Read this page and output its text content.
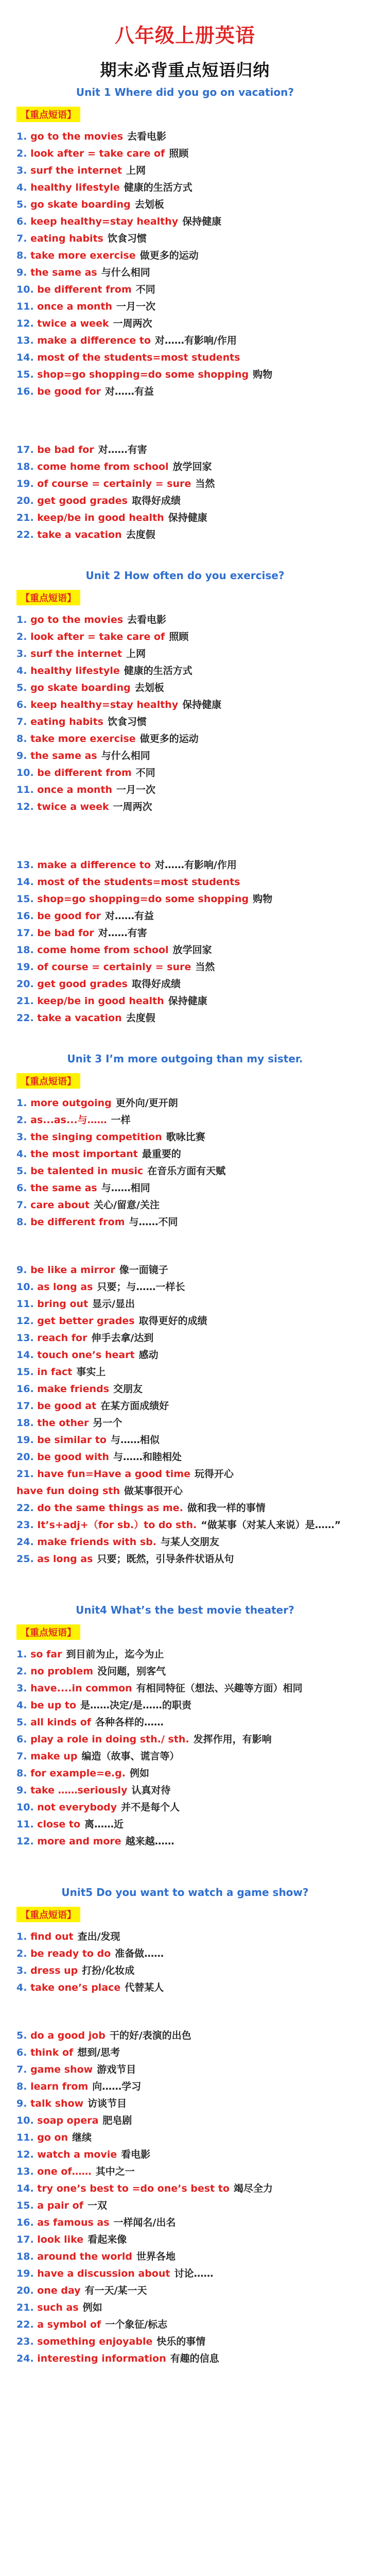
八年级上册英语
期末必背重点短语归纳
Unit 1 Where did you go on vacation?
【重点短语】
1. go to the movies 去看电影
2. look after = take care of 照顾
3. surf the internet 上网
4. healthy lifestyle 健康的生活方式
5. go skate boarding 去划板
6. keep healthy=stay healthy 保持健康
7. eating habits 饮食习惯
8. take more exercise 做更多的运动
9. the same as 与什么相同
10. be different from 不同
11. once a month 一月一次
12. twice a week 一周两次
13. make a difference to 对……有影响/作用
14. most of the students=most students
15. shop=go shopping=do some shopping 购物
16. be good for 对……有益
17. be bad for 对……有害
18. come home from school 放学回家
19. of course = certainly = sure 当然
20. get good grades 取得好成绩
21. keep/be in good health 保持健康
22. take a vacation 去度假
Unit 2 How often do you exercise?
【重点短语】
1. go to the movies 去看电影
2. look after = take care of 照顾
3. surf the internet 上网
4. healthy lifestyle 健康的生活方式
5. go skate boarding 去划板
6. keep healthy=stay healthy 保持健康
7. eating habits 饮食习惯
8. take more exercise 做更多的运动
9. the same as 与什么相同
10. be different from 不同
11. once a month 一月一次
12. twice a week 一周两次
13. make a difference to 对……有影响/作用
14. most of the students=most students
15. shop=go shopping=do some shopping 购物
16. be good for 对……有益
17. be bad for 对……有害
18. come home from school 放学回家
19. of course = certainly = sure 当然
20. get good grades 取得好成绩
21. keep/be in good health 保持健康
22. take a vacation 去度假
Unit 3 I’m more outgoing than my sister.
【重点短语】
1. more outgoing 更外向/更开朗
2. as...as...与…… 一样
3. the singing competition 歌咏比赛
4. the most important 最重要的
5. be talented in music 在音乐方面有天赋
6. the same as 与……相同
7. care about 关心/留意/关注
8. be different from 与……不同
9. be like a mirror 像一面镜子
10. as long as 只要；与……一样长
11. bring out 显示/显出
12. get better grades 取得更好的成绩
13. reach for 伸手去拿/达到
14. touch one’s heart 感动
15. in fact 事实上
16. make friends 交朋友
17. be good at 在某方面成绩好
18. the other 另一个
19. be similar to 与……相似
20. be good with 与……和睦相处
21. have fun=Have a good time 玩得开心
have fun doing sth 做某事很开心
22. do the same things as me. 做和我一样的事情
23. It’s+adj+（for sb.）to do sth. “做某事（对某人来说）是……”
24. make friends with sb. 与某人交朋友
25. as long as 只要；既然，引导条件状语从句
Unit4 What’s the best movie theater?
【重点短语】
1. so far 到目前为止，迄今为止
2. no problem 没问题，别客气
3. have....in common 有相同特征（想法、兴趣等方面）相同
4. be up to 是……决定/是……的职责
5. all kinds of 各种各样的……
6. play a role in doing sth./ sth. 发挥作用，有影响
7. make up 编造（故事、谎言等）
8. for example=e.g. 例如
9. take ……seriously 认真对待
10. not everybody 并不是每个人
11. close to 离……近
12. more and more 越来越……
Unit5 Do you want to watch a game show?
【重点短语】
1. find out 查出/发现
2. be ready to do 准备做……
3. dress up 打扮/化妆成
4. take one’s place 代替某人
5. do a good job 干的好/表演的出色
6. think of 想到/思考
7. game show 游戏节目
8. learn from 向……学习
9. talk show 访谈节目
10. soap opera 肥皂剧
11. go on 继续
12. watch a movie 看电影
13. one of…… 其中之一
14. try one’s best to =do one’s best to 竭尽全力
15. a pair of 一双
16. as famous as 一样闻名/出名
17. look like 看起来像
18. around the world 世界各地
19. have a discussion about 讨论……
20. one day 有一天/某一天
21. such as 例如
22. a symbol of 一个象征/标志
23. something enjoyable 快乐的事情
24. interesting information 有趣的信息
